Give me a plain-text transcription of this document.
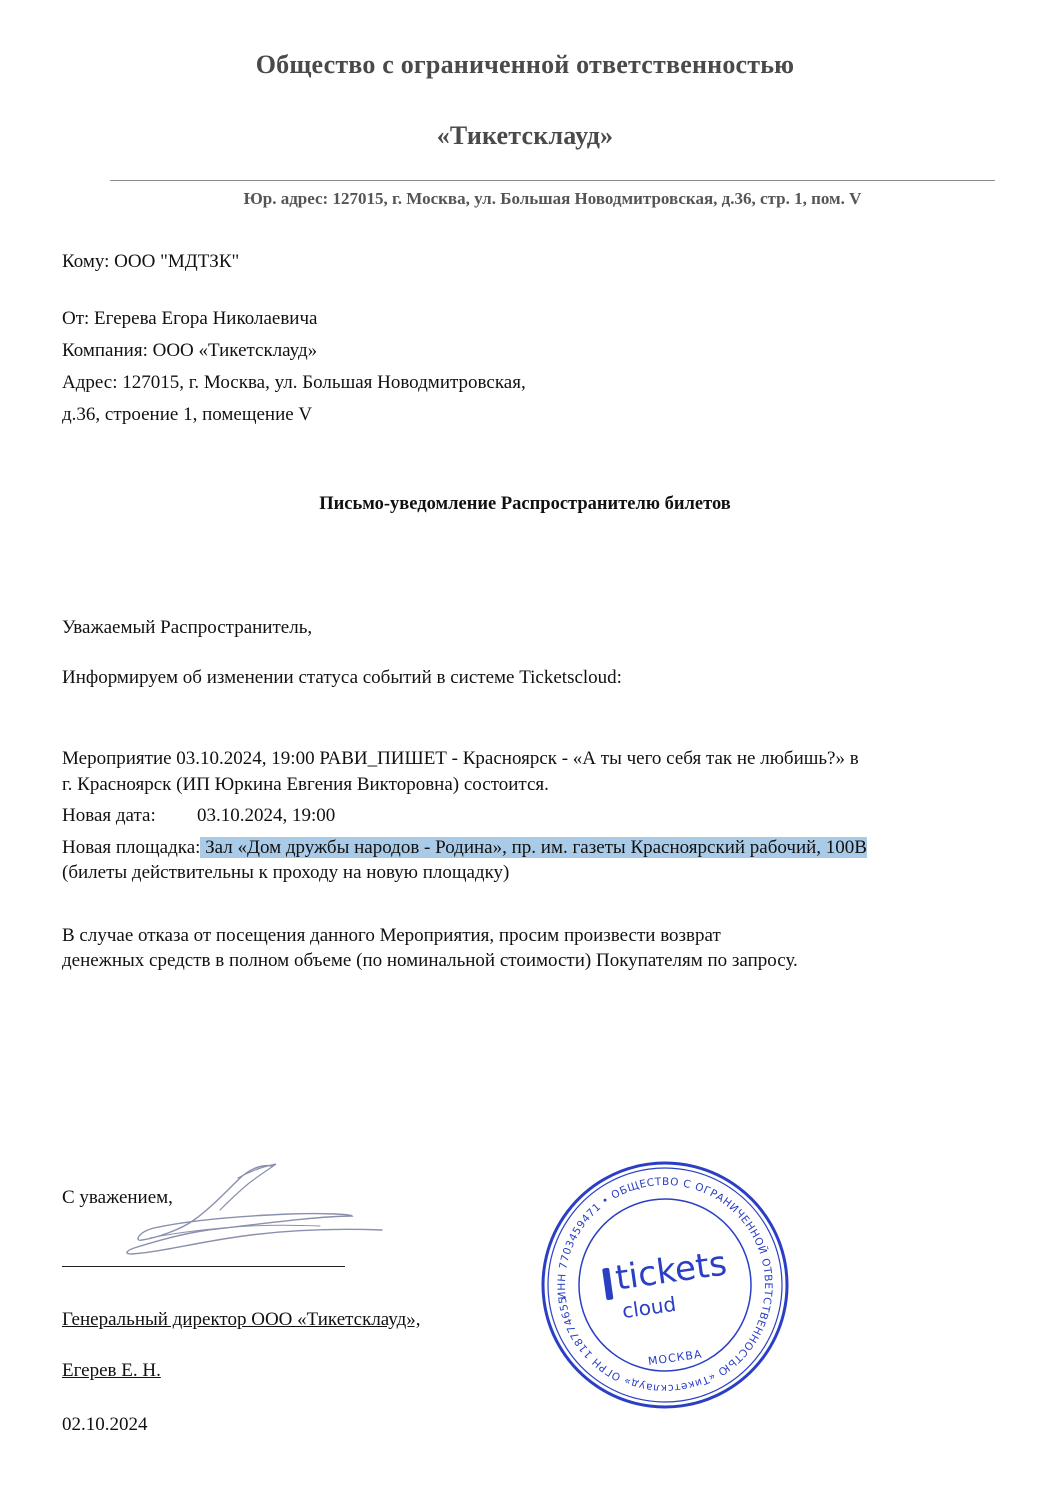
Общество с ограниченной ответственностью
«Тикетсклауд»
Юр. адрес: 127015, г. Москва, ул. Большая Новодмитровская, д.36, стр. 1, пом. V
Кому: ООО "МДТЗК"
От: Егерева Егора Николаевича
Компания: ООО «Тикетсклауд»
Адрес: 127015, г. Москва, ул. Большая Новодмитровская,
д.36, строение 1, помещение V
Письмо-уведомление Распространителю билетов
Уважаемый Распространитель,
Информируем об изменении статуса событий в системе Ticketscloud:
Мероприятие 03.10.2024, 19:00 РАВИ_ПИШЕТ - Красноярск - «А ты чего себя так не любишь?» в
г. Красноярск (ИП Юркина Евгения Викторовна) состоится.
Новая дата: 03.10.2024, 19:00
Новая площадка: Зал «Дом дружбы народов - Родина», пр. им. газеты Красноярский рабочий, 100В
(билеты действительны к проходу на новую площадку)
В случае отказа от посещения данного Мероприятия, просим произвести возврат
денежных средств в полном объеме (по номинальной стоимости) Покупателям по запросу.
С уважением,
Генеральный директор ООО «Тикетсклауд»,
Егерев Е. Н.
02.10.2024
ИНН 7703459471 • ОБЩЕСТВО С ОГРАНИЧЕННОЙ ОТВЕТСТВЕННОСТЬЮ «Тикетсклауд» ОГРН 1187746556860
tickets
cloud
МОСКВА
